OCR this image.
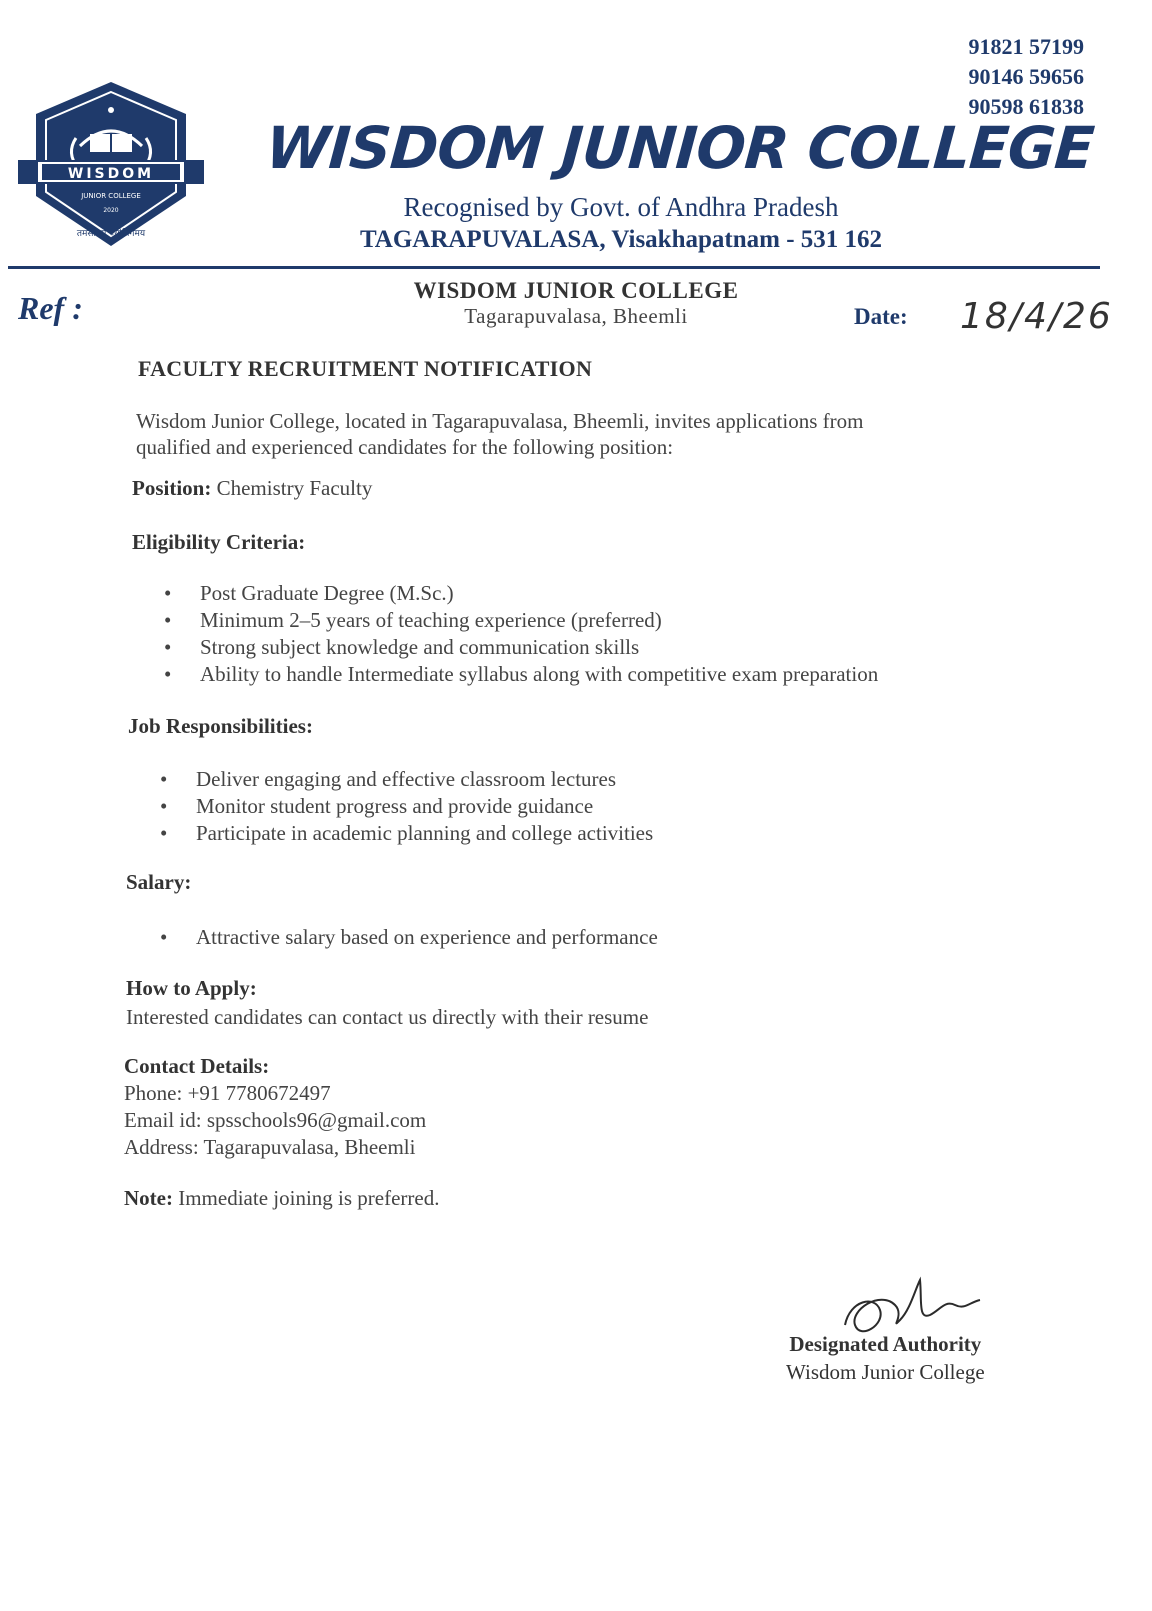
91821 57199
90146 59656
90598 61838
WISDOM
JUNIOR COLLEGE
2020
तमसो मा ज्योतिर्गमय
WISDOM JUNIOR COLLEGE
Recognised by Govt. of Andhra Pradesh
TAGARAPUVALASA, Visakhapatnam - 531 162
Ref :	WISDOM JUNIOR COLLEGE
Tagarapuvalasa, Bheemli	Date: 18/4/26
FACULTY RECRUITMENT NOTIFICATION
Wisdom Junior College, located in Tagarapuvalasa, Bheemli, invites applications from
qualified and experienced candidates for the following position:
Position: Chemistry Faculty
Eligibility Criteria:
• Post Graduate Degree (M.Sc.)
• Minimum 2–5 years of teaching experience (preferred)
• Strong subject knowledge and communication skills
• Ability to handle Intermediate syllabus along with competitive exam preparation
Job Responsibilities:
• Deliver engaging and effective classroom lectures
• Monitor student progress and provide guidance
• Participate in academic planning and college activities
Salary:
• Attractive salary based on experience and performance
How to Apply:
Interested candidates can contact us directly with their resume
Contact Details:
Phone: +91 7780672497
Email id: spsschools96@gmail.com
Address: Tagarapuvalasa, Bheemli
Note: Immediate joining is preferred.
Designated Authority
Wisdom Junior College
